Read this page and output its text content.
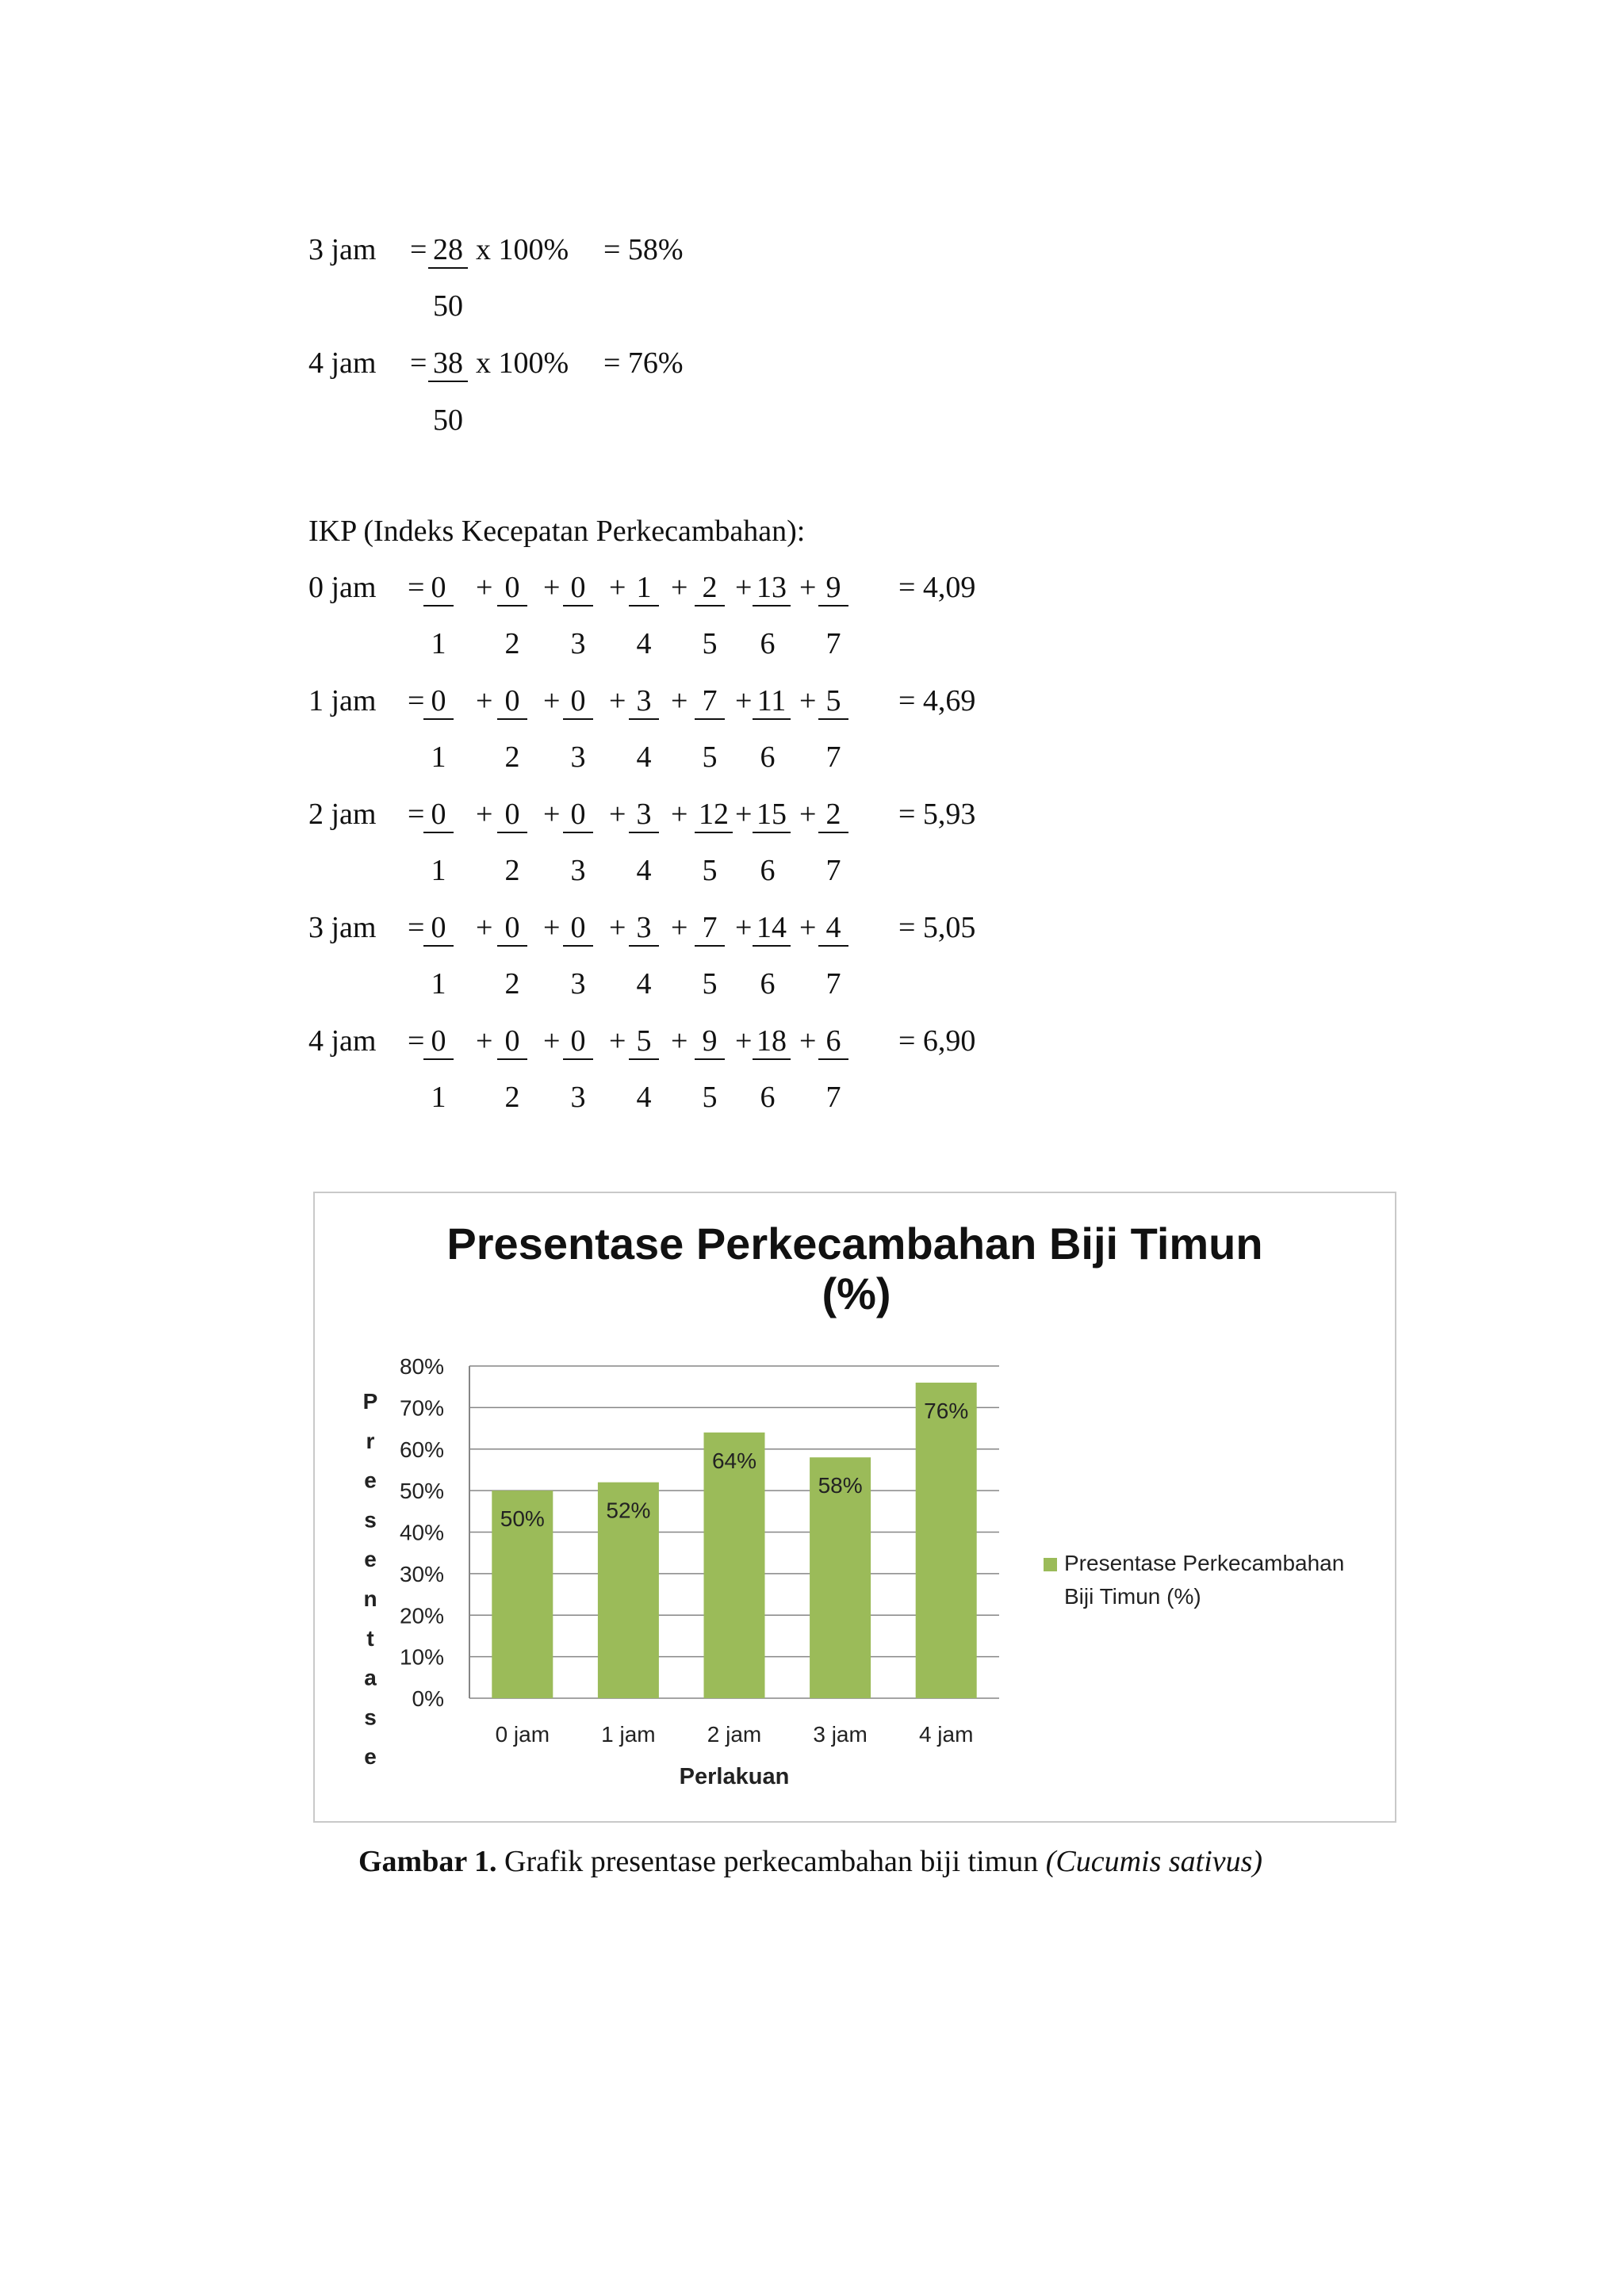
3 jam = 28 x 100% = 58%
50
4 jam = 38 x 100% = 76%
50
IKP (Indeks Kecepatan Perkecambahan):
0 jam = 0 + 0 + 0 + 1 + 2 + 13 + 9 = 4,09
1 2 3 4 5 6 7
1 jam = 0 + 0 + 0 + 3 + 7 + 11 + 5 = 4,69
1 2 3 4 5 6 7
2 jam = 0 + 0 + 0 + 3 + 12 + 15 + 2 = 5,93
1 2 3 4 5 6 7
3 jam = 0 + 0 + 0 + 3 + 7 + 14 + 4 = 5,05
1 2 3 4 5 6 7
4 jam = 0 + 0 + 0 + 5 + 9 + 18 + 6 = 6,90
1 2 3 4 5 6 7
Presentase Perkecambahan Biji Timun
(%)
0%
10%
20%
30%
40%
50%
60%
70%
80%
50%
0 jam
52%
1 jam
64%
2 jam
58%
3 jam
76%
4 jam
Perlakuan
P
r
e
s
e
n
t
a
s
e
Presentase Perkecambahan
Biji Timun (%)
Gambar 1. Grafik presentase perkecambahan biji timun (Cucumis sativus)
